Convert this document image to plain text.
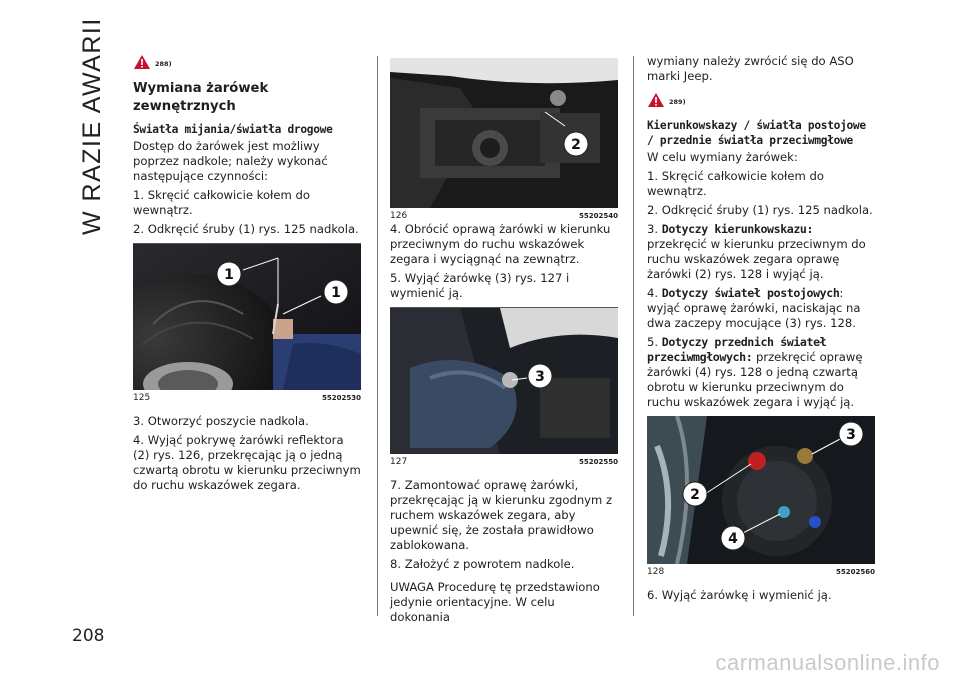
W RAZIE AWARII
208
carmanualsonline.info
288)
Wymiana żarówek zewnętrznych
Światła mijania/światła drogowe

Dostęp do żarówek jest możliwy poprzez nadkole; należy wykonać następujące czynności:

1. Skręcić całkowicie kołem do wewnątrz.

2. Odkręcić śruby (1) rys. 125 nadkola.

1
1
125	55202530

3. Otworzyć poszycie nadkola.

4. Wyjąć pokrywę żarówki reflektora (2) rys. 126, przekręcając ją o jedną czwartą obrotu w kierunku przeciwnym do ruchu wskazówek zegara.

2
126	55202540

4. Obrócić oprawą żarówki w kierunku przeciwnym do ruchu wskazówek zegara i wyciągnąć na zewnątrz.

5. Wyjąć żarówkę (3) rys. 127 i wymienić ją.

3
127	55202550

7. Zamontować oprawę żarówki, przekręcając ją w kierunku zgodnym z ruchem wskazówek zegara, aby upewnić się, że została prawidłowo zablokowana.

8. Założyć z powrotem nadkole.

UWAGA Procedurę tę przedstawiono jedynie orientacyjne. W celu dokonania

wymiany należy zwrócić się do ASO marki Jeep.

289)
Kierunkowskazy / światła postojowe / przednie światła przeciwmgłowe

W celu wymiany żarówek:

1. Skręcić całkowicie kołem do wewnątrz.

2. Odkręcić śruby (1) rys. 125 nadkola.

3. Dotyczy kierunkowskazu: przekręcić w kierunku przeciwnym do ruchu wskazówek zegara oprawę żarówki (2) rys. 128 i wyjąć ją.

4. Dotyczy świateł postojowych: wyjąć oprawę żarówki, naciskając na dwa zaczepy mocujące (3) rys. 128.

5. Dotyczy przednich świateł przeciwmgłowych: przekręcić oprawę żarówki (4) rys. 128 o jedną czwartą obrotu w kierunku przeciwnym do ruchu wskazówek zegara i wyjąć ją.

2
3
4
128	55202560

6. Wyjąć żarówkę i wymienić ją.
